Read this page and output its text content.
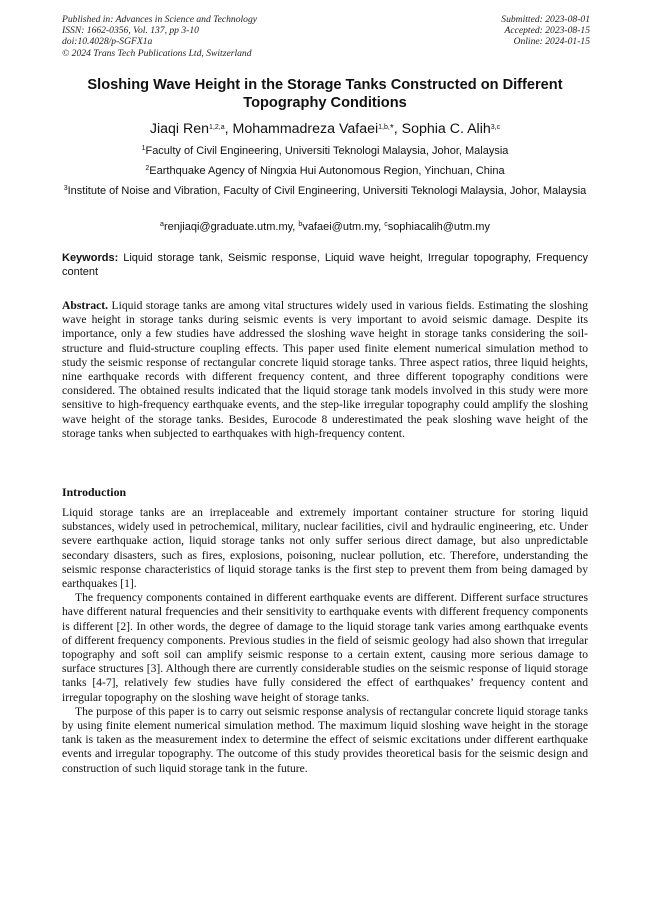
Published in: Advances in Science and Technology
ISSN: 1662-0356, Vol. 137, pp 3-10
doi:10.4028/p-SGFX1a
© 2024 Trans Tech Publications Ltd, Switzerland
Submitted: 2023-08-01
Accepted: 2023-08-15
Online: 2024-01-15
Sloshing Wave Height in the Storage Tanks Constructed on Different
Topography Conditions
Jiaqi Ren$^{1,2,a}$, Mohammadreza Vafaei$^{1,b,*}$, Sophia C. Alih$^{3,c}$
$^1$Faculty of Civil Engineering, Universiti Teknologi Malaysia, Johor, Malaysia
$^2$Earthquake Agency of Ningxia Hui Autonomous Region, Yinchuan, China
$^3$Institute of Noise and Vibration, Faculty of Civil Engineering, Universiti Teknologi Malaysia, Johor, Malaysia
$^a$renjiaqi@graduate.utm.my, $^b$vafaei@utm.my, $^c$sophiacalih@utm.my
Keywords: Liquid storage tank, Seismic response, Liquid wave height, Irregular topography, Frequency content
Abstract. Liquid storage tanks are among vital structures widely used in various fields. Estimating the sloshing wave height in storage tanks during seismic events is very important to avoid seismic damage. Despite its importance, only a few studies have addressed the sloshing wave height in storage tanks considering the soil-structure and fluid-structure coupling effects. This paper used finite element numerical simulation method to study the seismic response of rectangular concrete liquid storage tanks. Three aspect ratios, three liquid heights, nine earthquake records with different frequency content, and three different topography conditions were considered. The obtained results indicated that the liquid storage tank models involved in this study were more sensitive to high-frequency earthquake events, and the step-like irregular topography could amplify the sloshing wave height of the storage tanks. Besides, Eurocode 8 underestimated the peak sloshing wave height of the storage tanks when subjected to earthquakes with high-frequency content.
Introduction

Liquid storage tanks are an irreplaceable and extremely important container structure for storing liquid substances, widely used in petrochemical, military, nuclear facilities, civil and hydraulic engineering, etc. Under severe earthquake action, liquid storage tanks not only suffer serious direct damage, but also unpredictable secondary disasters, such as fires, explosions, poisoning, nuclear pollution, etc. Therefore, understanding the seismic response characteristics of liquid storage tanks is the first step to prevent them from being damaged by earthquakes [1].

The frequency components contained in different earthquake events are different. Different surface structures have different natural frequencies and their sensitivity to earthquake events with different frequency components is different [2]. In other words, the degree of damage to the liquid storage tank varies among earthquake events of different frequency components. Previous studies in the field of seismic geology had also shown that irregular topography and soft soil can amplify seismic response to a certain extent, causing more serious damage to surface structures [3]. Although there are currently considerable studies on the seismic response of liquid storage tanks [4-7], relatively few studies have fully considered the effect of earthquakes’ frequency content and irregular topography on the sloshing wave height of storage tanks.

The purpose of this paper is to carry out seismic response analysis of rectangular concrete liquid storage tanks by using finite element numerical simulation method. The maximum liquid sloshing wave height in the storage tank is taken as the measurement index to determine the effect of seismic excitations under different earthquake events and irregular topography. The outcome of this study provides theoretical basis for the seismic design and construction of such liquid storage tank in the future.
